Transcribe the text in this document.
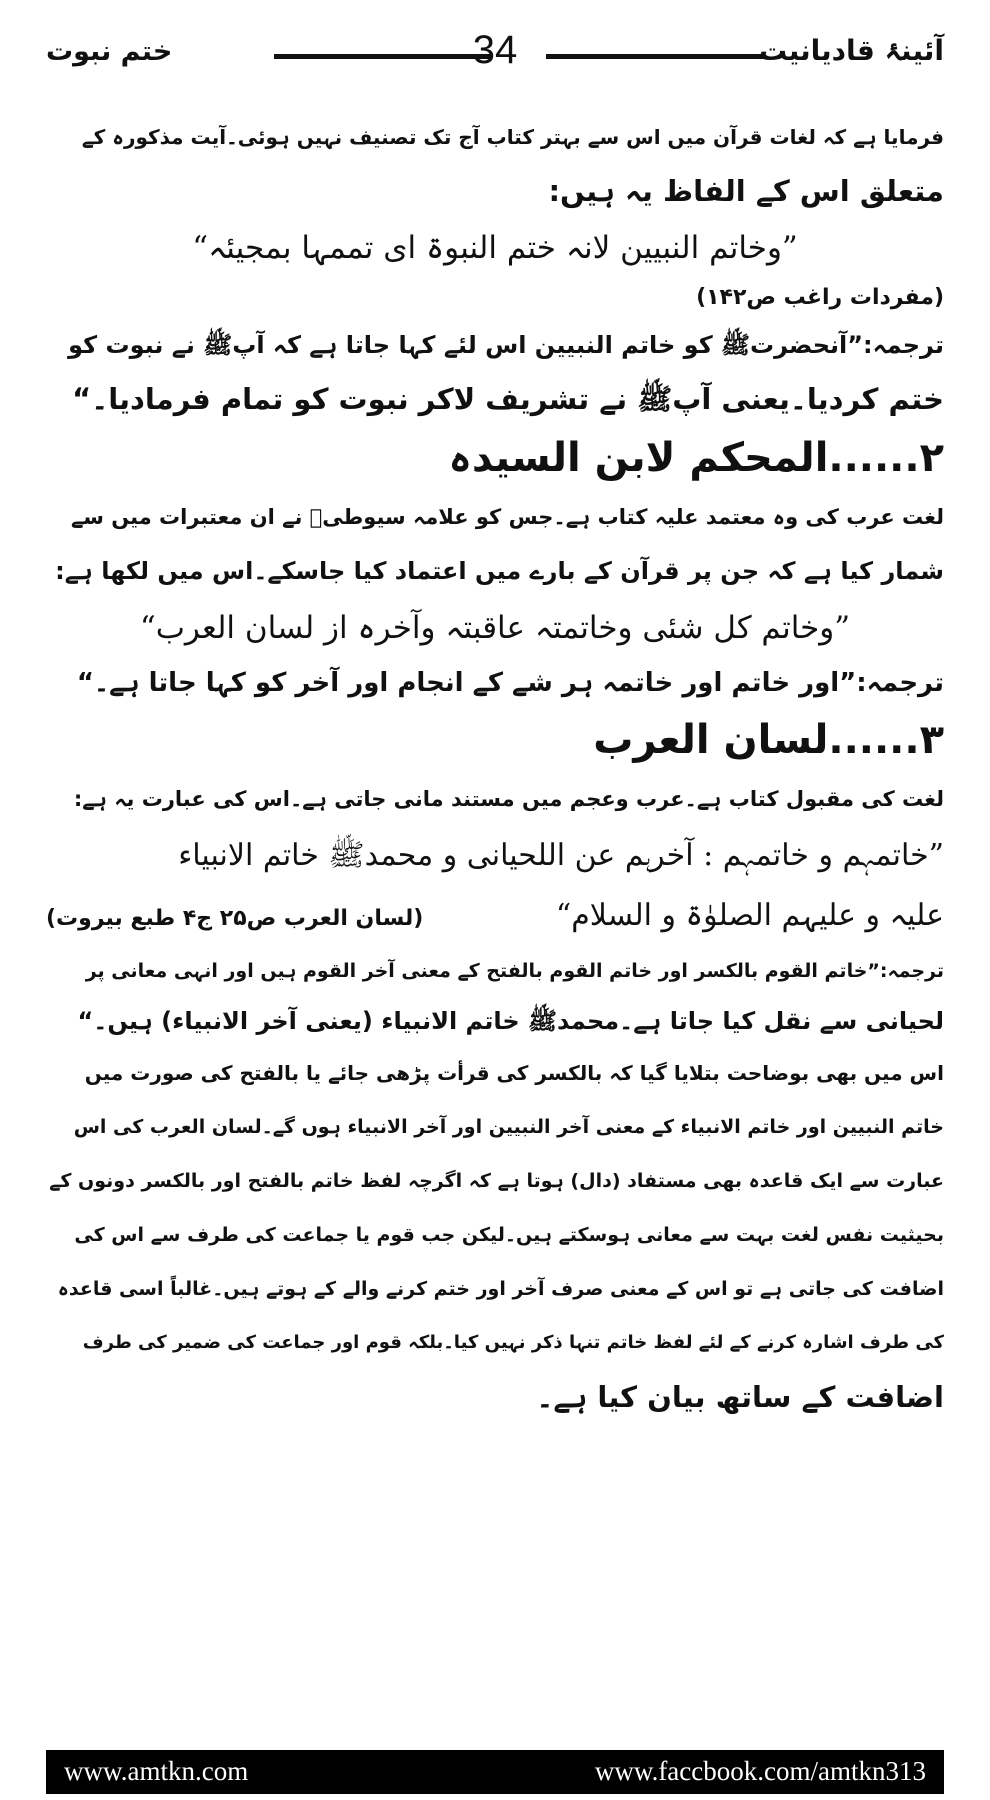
ختم نبوت	34	آئینۂ قادیانیت
فرمایا ہے کہ لغات قرآن میں اس سے بہتر کتاب آج تک تصنیف نہیں ہوئی۔آیت مذکورہ کے
متعلق اس کے الفاظ یہ ہیں:
”وخاتم النبیین لانہ ختم النبوۃ ای تممہا بمجیئہ“
(مفردات راغب ص۱۴۲)
ترجمہ:”آنحضرتﷺ کو خاتم النبیین اس لئے کہا جاتا ہے کہ آپﷺ نے نبوت کو
ختم کردیا۔یعنی آپﷺ نے تشریف لاکر نبوت کو تمام فرمادیا۔“
۲......المحکم لابن السیدہ
لغت عرب کی وہ معتمد علیہ کتاب ہے۔جس کو علامہ سیوطیؒ نے ان معتبرات میں سے
شمار کیا ہے کہ جن پر قرآن کے بارے میں اعتماد کیا جاسکے۔اس میں لکھا ہے:
”وخاتم کل شئی وخاتمتہ عاقبتہ وآخرہ از لسان العرب“
ترجمہ:”اور خاتم اور خاتمہ ہر شے کے انجام اور آخر کو کہا جاتا ہے۔“
۳......لسان العرب
لغت کی مقبول کتاب ہے۔عرب وعجم میں مستند مانی جاتی ہے۔اس کی عبارت یہ ہے:
”خاتمہم و خاتمہم : آخرہم عن اللحیانی و محمدﷺ خاتم الانبیاء
علیہ و علیہم الصلوٰۃ و السلام“
(لسان العرب ص۲۵ ج۴ طبع بیروت)
ترجمہ:”خاتم القوم بالکسر اور خاتم القوم بالفتح کے معنی آخر القوم ہیں اور انہی معانی پر
لحیانی سے نقل کیا جاتا ہے۔محمدﷺ خاتم الانبیاء (یعنی آخر الانبیاء) ہیں۔“
اس میں بھی بوضاحت بتلایا گیا کہ بالکسر کی قرأت پڑھی جائے یا بالفتح کی صورت میں
خاتم النبیین اور خاتم الانبیاء کے معنی آخر النبیین اور آخر الانبیاء ہوں گے۔لسان العرب کی اس
عبارت سے ایک قاعدہ بھی مستفاد (دال) ہوتا ہے کہ اگرچہ لفظ خاتم بالفتح اور بالکسر دونوں کے
بحیثیت نفس لغت بہت سے معانی ہوسکتے ہیں۔لیکن جب قوم یا جماعت کی طرف سے اس کی
اضافت کی جاتی ہے تو اس کے معنی صرف آخر اور ختم کرنے والے کے ہوتے ہیں۔غالباً اسی قاعدہ
کی طرف اشارہ کرنے کے لئے لفظ خاتم تنہا ذکر نہیں کیا۔بلکہ قوم اور جماعت کی ضمیر کی طرف
اضافت کے ساتھ بیان کیا ہے۔
www.amtkn.com	www.faccbook.com/amtkn313
